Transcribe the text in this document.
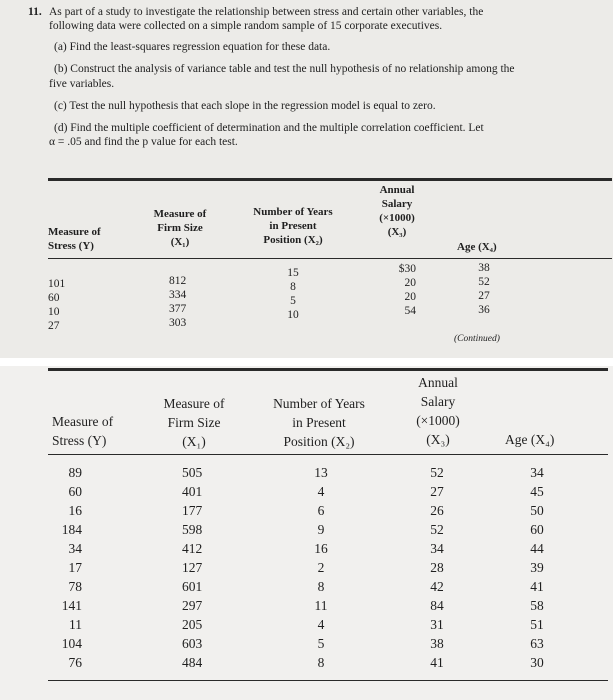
11. As part of a study to investigate the relationship between stress and certain other variables, the
following data were collected on a simple random sample of 15 corporate executives.
(a) Find the least-squares regression equation for these data.
(b) Construct the analysis of variance table and test the null hypothesis of no relationship among the
five variables.
(c) Test the null hypothesis that each slope in the regression model is equal to zero.
(d) Find the multiple coefficient of determination and the multiple correlation coefficient. Let
α = .05 and find the p value for each test.
Measure of
Stress (Y)
Measure of
Firm Size
(X₁)
Number of Years
in Present
Position (X₂)
Annual
Salary
(×1000)
(X₃)
Age (X₄)
101
60
10
27
812
334
377
303
15
8
5
10
$30
20
20
54
38
52
27
36
(Continued)
Measure of
Stress (Y)
Measure of
Firm Size
(X₁)
Number of Years
in Present
Position (X₂)
Annual
Salary
(×1000)
(X₃)	Age (X₄)
89
60
16
184
34
17
78
141
11
104
76
505
401
177
598
412
127
601
297
205
603
484
13
4
6
9
16
2
8
11
4
5
8
52
27
26
52
34
28
42
84
31
38
41
34
45
50
60
44
39
41
58
51
63
30
